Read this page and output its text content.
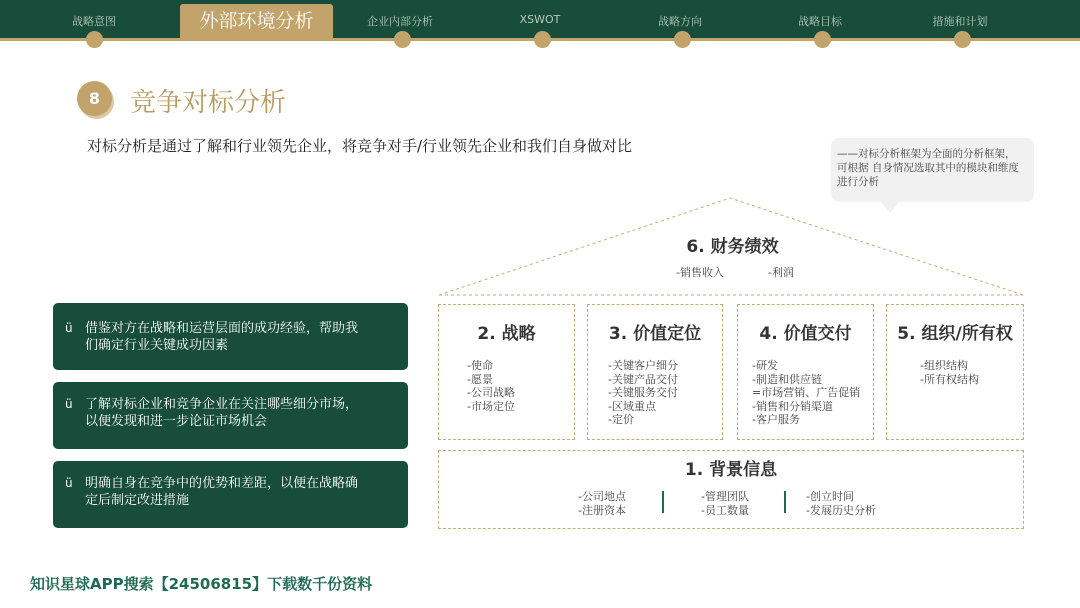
战略意图	企业内部分析	XSWOT	战略方向	战略目标	措施和计划
外部环境分析
8	竞争对标分析
对标分析是通过了解和行业领先企业，将竞争对手/行业领先企业和我们自身做对比	——对标分析框架为全面的分析框架，
可根据 自身情况选取其中的模块和维度
进行分析
ü 借鉴对方在战略和运营层面的成功经验，帮助我
们确定行业关键成功因素
ü 了解对标企业和竞争企业在关注哪些细分市场，
以便发现和进一步论证市场机会
ü 明确自身在竞争中的优势和差距，以便在战略确
定后制定改进措施
6. 财务绩效
-销售收入	-利润
2. 战略
-使命
-愿景
-公司战略
-市场定位
3. 价值定位
-关键客户细分
-关键产品交付
-关键服务交付
-区域重点
-定价
4. 价值交付
-研发
-制造和供应链
=市场营销、广告促销
-销售和分销渠道
-客户服务
5. 组织/所有权
-组织结构
-所有权结构
1. 背景信息
-公司地点
-注册资本
-管理团队
-员工数量
-创立时间
-发展历史分析
知识星球APP搜索【24506815】下载数千份资料
